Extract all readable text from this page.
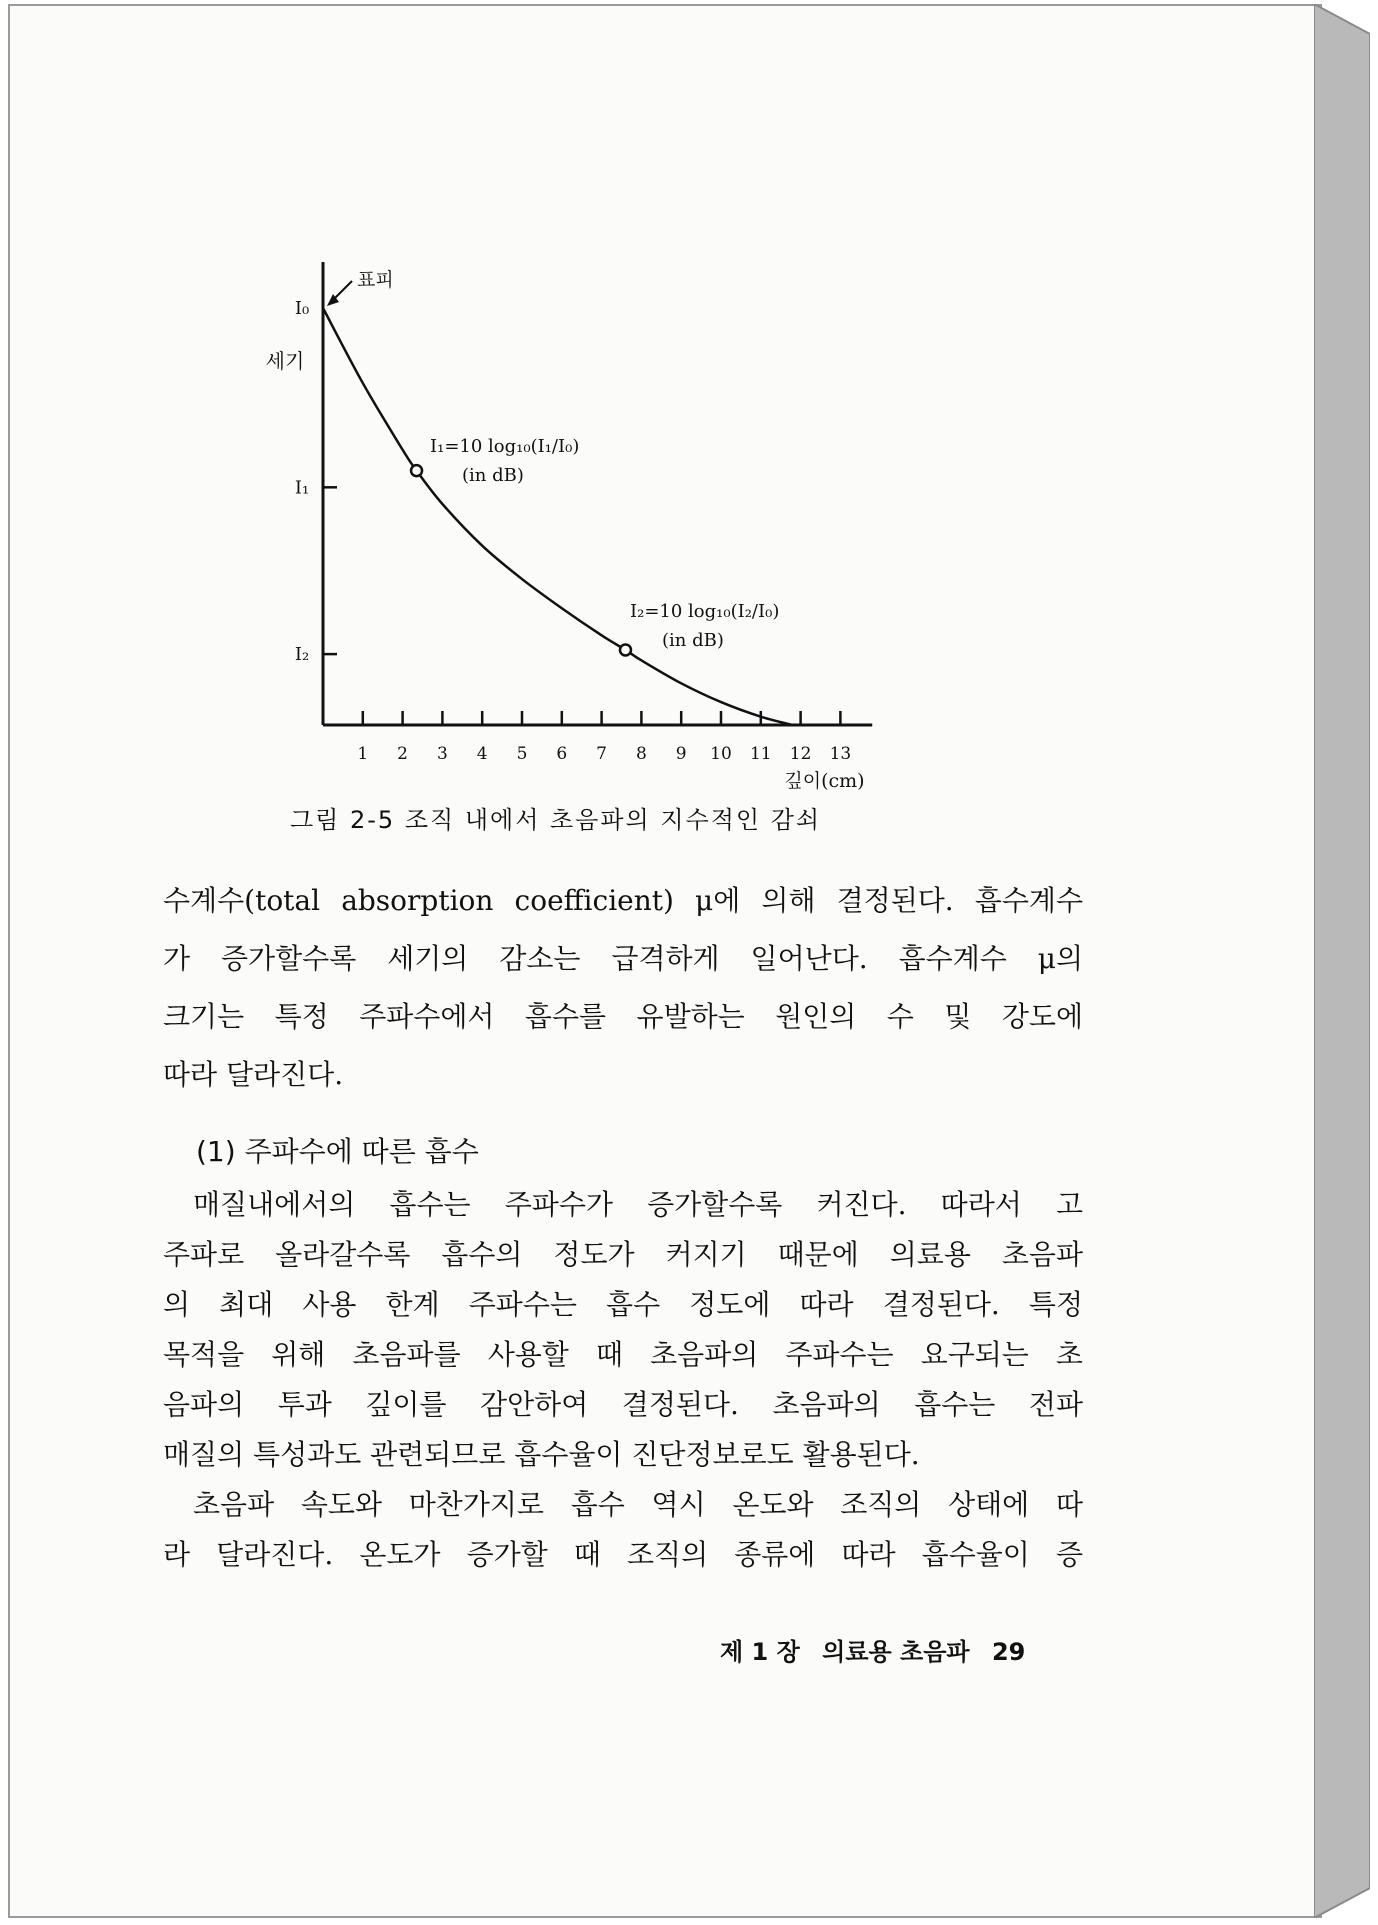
깊이(cm)
세기
1 2 3 4 5 6 7 8 9 10 11 12 13
I₀
I₁
I₂
표피
I₁=10 log₁₀(I₁/I₀)
(in dB)
I₂=10 log₁₀(I₂/I₀)
(in dB)
그림 2-5 조직 내에서 초음파의 지수적인 감쇠
수계수(total absorption coefficient) μ에 의해 결정된다. 흡수계수
가 증가할수록 세기의 감소는 급격하게 일어난다. 흡수계수 μ의
크기는 특정 주파수에서 흡수를 유발하는 원인의 수 및 강도에
따라 달라진다.
(1) 주파수에 따른 흡수
매질내에서의 흡수는 주파수가 증가할수록 커진다. 따라서 고
주파로 올라갈수록 흡수의 정도가 커지기 때문에 의료용 초음파
의 최대 사용 한계 주파수는 흡수 정도에 따라 결정된다. 특정
목적을 위해 초음파를 사용할 때 초음파의 주파수는 요구되는 초
음파의 투과 깊이를 감안하여 결정된다. 초음파의 흡수는 전파
매질의 특성과도 관련되므로 흡수율이 진단정보로도 활용된다.
초음파 속도와 마찬가지로 흡수 역시 온도와 조직의 상태에 따
라 달라진다. 온도가 증가할 때 조직의 종류에 따라 흡수율이 증
제 1 장 의료용 초음파 29
